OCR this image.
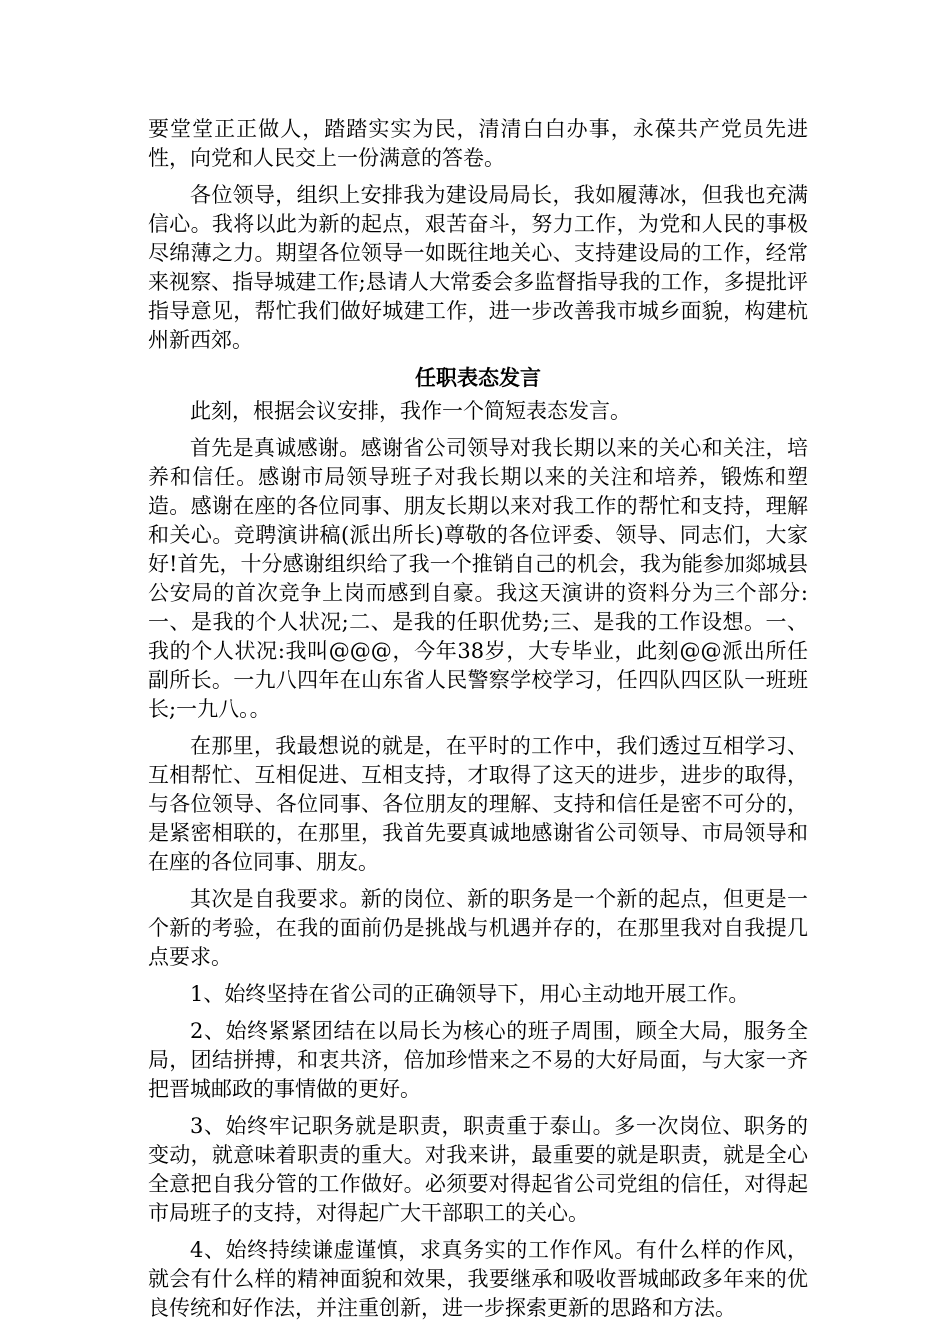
要堂堂正正做人，踏踏实实为民，清清白白办事，永葆共产党员先进性，向党和人民交上一份满意的答卷。

各位领导，组织上安排我为建设局局长，我如履薄冰，但我也充满信心。我将以此为新的起点，艰苦奋斗，努力工作，为党和人民的事极尽绵薄之力。期望各位领导一如既往地关心、支持建设局的工作，经常来视察、指导城建工作;恳请人大常委会多监督指导我的工作，多提批评指导意见，帮忙我们做好城建工作，进一步改善我市城乡面貌，构建杭州新西郊。

任职表态发言

此刻，根据会议安排，我作一个简短表态发言。

首先是真诚感谢。感谢省公司领导对我长期以来的关心和关注，培养和信任。感谢市局领导班子对我长期以来的关注和培养，锻炼和塑造。感谢在座的各位同事、朋友长期以来对我工作的帮忙和支持，理解和关心。竞聘演讲稿(派出所长)尊敬的各位评委、领导、同志们，大家好!首先，十分感谢组织给了我一个推销自己的机会，我为能参加郯城县公安局的首次竞争上岗而感到自豪。我这天演讲的资料分为三个部分:一、是我的个人状况;二、是我的任职优势;三、是我的工作设想。一、我的个人状况:我叫@@@，今年38岁，大专毕业，此刻@@派出所任副所长。一九八四年在山东省人民警察学校学习，任四队四区队一班班长;一九八。。

在那里，我最想说的就是，在平时的工作中，我们透过互相学习、互相帮忙、互相促进、互相支持，才取得了这天的进步，进步的取得，与各位领导、各位同事、各位朋友的理解、支持和信任是密不可分的，是紧密相联的，在那里，我首先要真诚地感谢省公司领导、市局领导和在座的各位同事、朋友。

其次是自我要求。新的岗位、新的职务是一个新的起点，但更是一个新的考验，在我的面前仍是挑战与机遇并存的，在那里我对自我提几点要求。

1、始终坚持在省公司的正确领导下，用心主动地开展工作。

2、始终紧紧团结在以局长为核心的班子周围，顾全大局，服务全局，团结拼搏，和衷共济，倍加珍惜来之不易的大好局面，与大家一齐把晋城邮政的事情做的更好。

3、始终牢记职务就是职责，职责重于泰山。多一次岗位、职务的变动，就意味着职责的重大。对我来讲，最重要的就是职责，就是全心全意把自我分管的工作做好。必须要对得起省公司党组的信任，对得起市局班子的支持，对得起广大干部职工的关心。

4、始终持续谦虚谨慎，求真务实的工作作风。有什么样的作风，就会有什么样的精神面貌和效果，我要继承和吸收晋城邮政多年来的优良传统和好作法，并注重创新，进一步探索更新的思路和方法。
